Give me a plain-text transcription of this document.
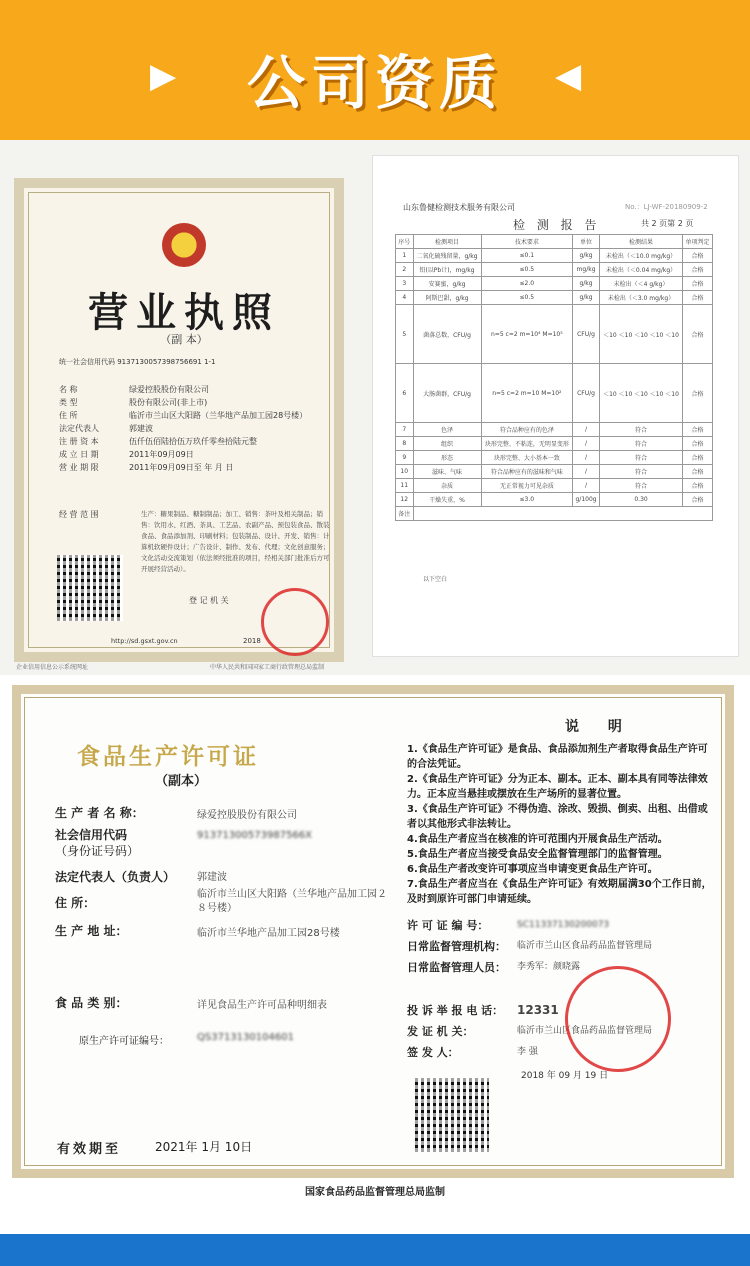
▶	公司资质	◀
营业执照
（副 本）
统一社会信用代码 9137130057398756691 1-1
名 称	绿爱控股股份有限公司
类 型	股份有限公司(非上市)
住 所	临沂市兰山区大阳路（兰华地产品加工园28号楼）
法定代表人	郭建波
注 册 资 本	伍仟伍佰陆拾伍万玖仟零叁拾陆元整
成 立 日 期	2011年09月09日
营 业 期 限	2011年09月09日至 年 月 日
经 营 范 围	生产：糖果制品、糖制制品；加工、销售：茶叶及相关制品；销售：饮用水、红酒、茶具、工艺品、农副产品、预包装食品、散装食品、食品添加剂、印刷材料；包装制品、设计、开发、销售：计算机软硬件设计；广告设计、制作、发布、代理；文化创意服务；文化活动交流策划（依法须经批准的项目，经相关部门批准后方可开展经营活动）。
登 记 机 关
http://sd.gsxt.gov.cn	2018
企业信用信息公示系统网址	中华人民共和国国家工商行政管理总局监制
山东鲁健检测技术服务有限公司	No.：LJ-WF-20180909-2
检 测 报 告	共 2 页第 2 页
序号	检测项目	技术要求	单位	检测结果	单项判定
1	二氧化硫残留量，g/kg	≤0.1	g/kg	未检出（＜10.0 mg/kg）	合格
2	铅(以Pb计)，mg/kg	≤0.5	mg/kg	未检出（＜0.04 mg/kg）	合格
3	安赛蜜，g/kg	≤2.0	g/kg	未检出（＜4 g/kg）	合格
4	阿斯巴甜，g/kg	≤0.5	g/kg	未检出（＜3.0 mg/kg）	合格
5	菌落总数，CFU/g	n=5 c=2 m=10⁴ M=10⁵	CFU/g	＜10 ＜10 ＜10 ＜10 ＜10	合格
6	大肠菌群，CFU/g	n=5 c=2 m=10 M=10²	CFU/g	＜10 ＜10 ＜10 ＜10 ＜10	合格
7	色泽	符合品种应有的色泽	/	符合	合格
8	组织	块形完整、不粘连，无明显变形	/	符合	合格
9	形态	块形完整、大小基本一致	/	符合	合格
10	滋味、气味	符合品种应有的滋味和气味	/	符合	合格
11	杂质	无正常视力可见杂质	/	符合	合格
12	干燥失重，%	≤3.0	g/100g	0.30	合格
备注					
以下空白
食品生产许可证
（副本）
生 产 者 名 称：	绿爱控股股份有限公司
社会信用代码
（身份证号码）
91371300573987566X
法定代表人（负责人） 郭建波
住 所：
临沂市兰山区大阳路（兰华地产品加工园２８号楼）
生 产 地 址：	临沂市兰华地产品加工园28号楼
食 品 类 别：	详见食品生产许可品种明细表
原生产许可证编号：	QS3713130104601
有效期至	2021年 1月 10日
说 明

1.《食品生产许可证》是食品、食品添加剂生产者取得食品生产许可的合法凭证。

2.《食品生产许可证》分为正本、副本。正本、副本具有同等法律效力。正本应当悬挂或摆放在生产场所的显著位置。

3.《食品生产许可证》不得伪造、涂改、毁损、倒卖、出租、出借或者以其他形式非法转让。

4.食品生产者应当在核准的许可范围内开展食品生产活动。

5.食品生产者应当接受食品安全监督管理部门的监督管理。

6.食品生产者改变许可事项应当申请变更食品生产许可。

7.食品生产者应当在《食品生产许可证》有效期届满30个工作日前，及时到原许可部门申请延续。

许 可 证 编 号：	SC11337130200073
日常监督管理机构：	临沂市兰山区食品药品监督管理局
日常监督管理人员：	李秀军：颜晓露
投 诉 举 报 电 话：	12331
发 证 机 关：	临沂市兰山区食品药品监督管理局
签 发 人：	李 强
2018 年 09 月 19 日
国家食品药品监督管理总局监制
